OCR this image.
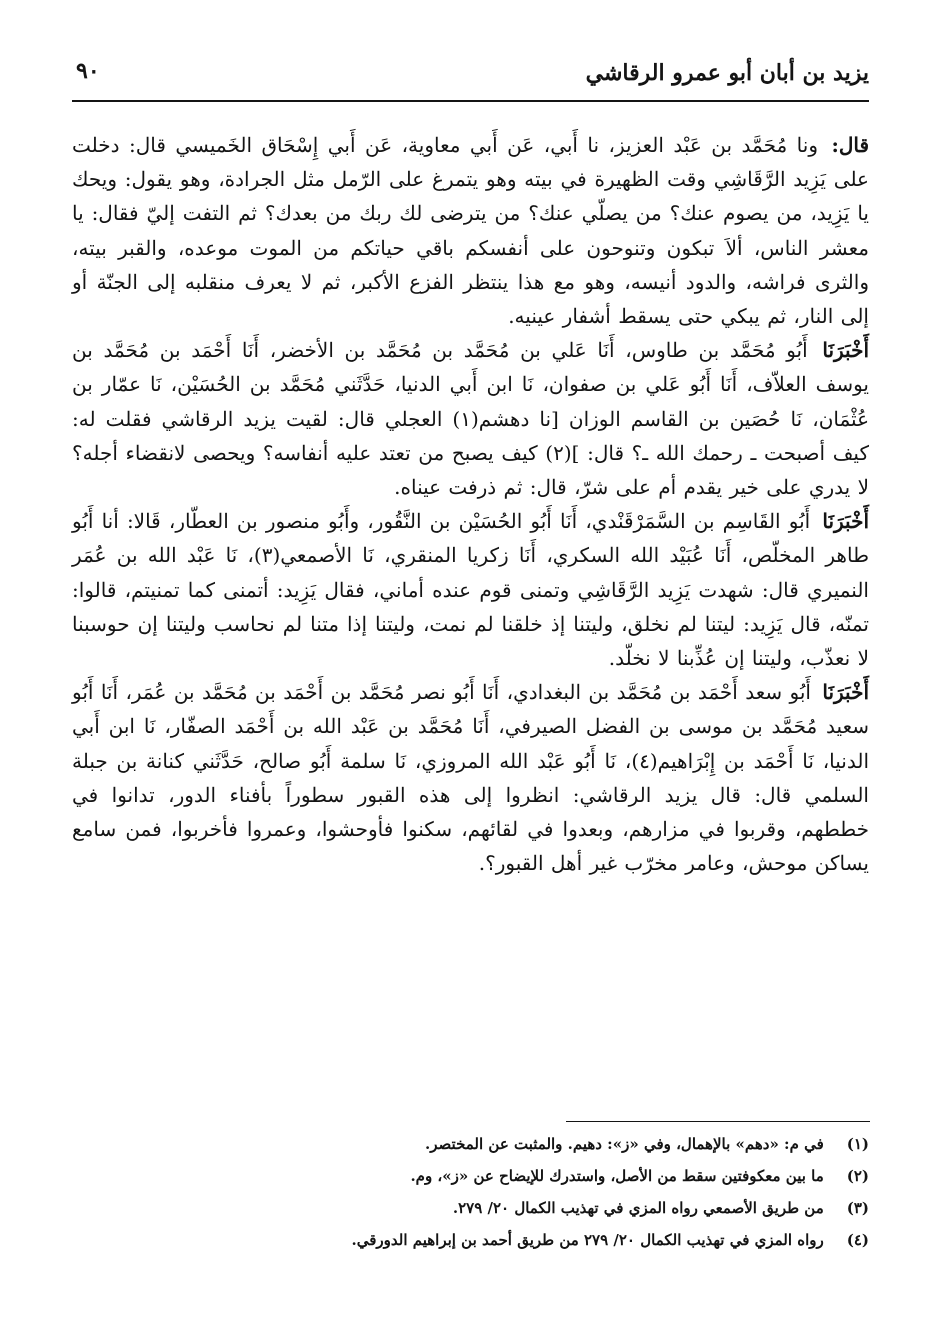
يزيد بن أبان أبو عمرو الرقاشي
٩٠

قال: ونا مُحَمَّد بن عَبْد العزيز، نا أَبي، عَن أَبي معاوية، عَن أَبي إِسْحَاق الخَميسي قال: دخلت على يَزِيد الرَّقَاشِي وقت الظهيرة في بيته وهو يتمرغ على الرّمل مثل الجرادة، وهو يقول: ويحك يا يَزِيد، من يصوم عنك؟ من يصلّي عنك؟ من يترضى لك ربك من بعدك؟ ثم التفت إليّ فقال: يا معشر الناس، ألاَ تبكون وتنوحون على أنفسكم باقي حياتكم من الموت موعده، والقبر بيته، والثرى فراشه، والدود أنيسه، وهو مع هذا ينتظر الفزع الأكبر، ثم لا يعرف منقلبه إلى الجنّة أو إلى النار، ثم يبكي حتى يسقط أشفار عينيه.

أَخْبَرَنَا أَبُو مُحَمَّد بن طاوس، أَنَا عَلي بن مُحَمَّد بن مُحَمَّد بن الأخضر، أَنَا أَحْمَد بن مُحَمَّد بن يوسف العلاّف، أَنَا أَبُو عَلي بن صفوان، نَا ابن أَبي الدنيا، حَدَّثَني مُحَمَّد بن الحُسَيْن، نَا عمّار بن عُثْمَان، نَا حُصَين بن القاسم الوزان [نا دهشم(١) العجلي قال: لقيت يزيد الرقاشي فقلت له: كيف أصبحت ـ رحمك الله ـ؟ قال: ](٢) كيف يصبح من تعتد عليه أنفاسه؟ ويحصى لانقضاء أجله؟ لا يدري على خير يقدم أم على شرّ، قال: ثم ذرفت عيناه.

أَخْبَرَنَا أَبُو القَاسِم بن السَّمَرْقَنْدي، أَنَا أَبُو الحُسَيْن بن النَّقُور، وأَبُو منصور بن العطّار، قَالا: أنا أَبُو طاهر المخلّص، أَنَا عُبَيْد الله السكري، أَنَا زكريا المنقري، نَا الأصمعي(٣)، نَا عَبْد الله بن عُمَر النميري قال: شهدت يَزِيد الرَّقَاشِي وتمنى قوم عنده أماني، فقال يَزِيد: أتمنى كما تمنيتم، قالوا: تمنّه، قال يَزِيد: ليتنا لم نخلق، وليتنا إذ خلقنا لم نمت، وليتنا إذا متنا لم نحاسب وليتنا إن حوسبنا لا نعذّب، وليتنا إن عُذِّبنا لا نخلّد.

أَخْبَرَنَا أَبُو سعد أَحْمَد بن مُحَمَّد بن البغدادي، أَنَا أَبُو نصر مُحَمَّد بن أَحْمَد بن مُحَمَّد بن عُمَر، أَنَا أَبُو سعيد مُحَمَّد بن موسى بن الفضل الصيرفي، أَنَا مُحَمَّد بن عَبْد الله بن أَحْمَد الصفّار، نَا ابن أَبي الدنيا، نَا أَحْمَد بن إِبْرَاهيم(٤)، نَا أَبُو عَبْد الله المروزي، نَا سلمة أَبُو صالح، حَدَّثَني كنانة بن جبلة السلمي قال: قال يزيد الرقاشي: انظروا إلى هذه القبور سطوراً بأفناء الدور، تدانوا في خططهم، وقربوا في مزارهم، وبعدوا في لقائهم، سكنوا فأوحشوا، وعمروا فأخربوا، فمن سامع يساكن موحش، وعامر مخرّب غير أهل القبور؟.

(١) في م: «دهم» بالإهمال، وفي «ز»: دهيم. والمثبت عن المختصر.
(٢) ما بين معكوفتين سقط من الأصل، واستدرك للإيضاح عن «ز»، وم.
(٣) من طريق الأصمعي رواه المزي في تهذيب الكمال ٢٠/ ٢٧٩.
(٤) رواه المزي في تهذيب الكمال ٢٠/ ٢٧٩ من طريق أحمد بن إبراهيم الدورقي.
